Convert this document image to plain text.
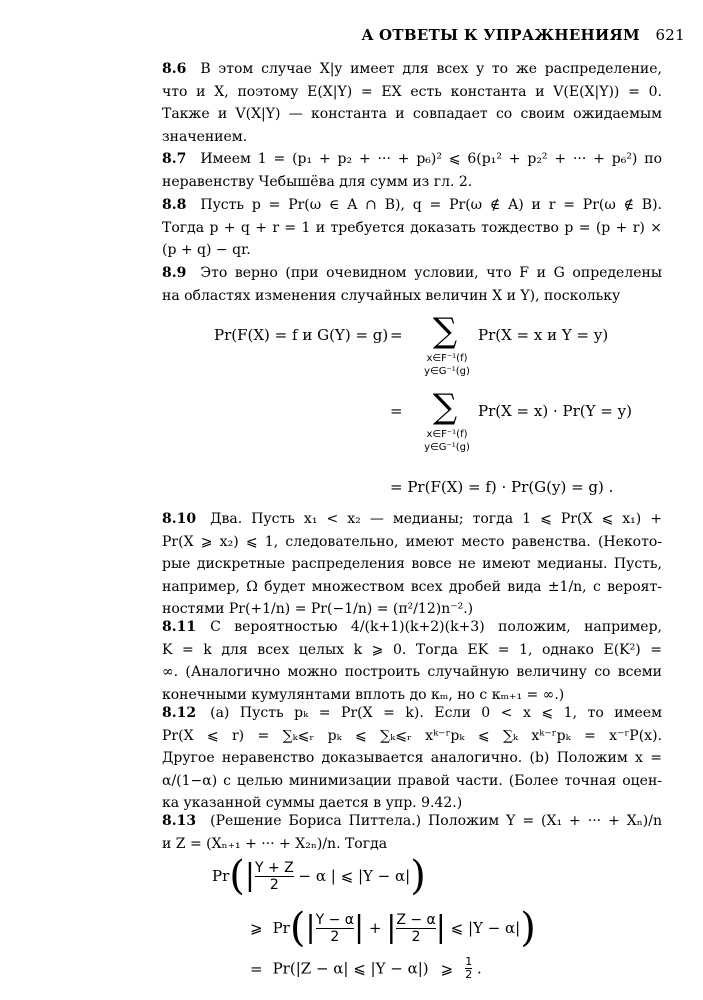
A ОТВЕТЫ К УПРАЖНЕНИЯМ 621
8.6 В этом случае X|y имеет для всех y то же распределение,
что и X, поэтому E(X|Y) = EX есть константа и V(E(X|Y)) = 0.
Также и V(X|Y) — константа и совпадает со своим ожидаемым
значением.
8.7 Имеем 1 = (p₁ + p₂ + ··· + p₆)² ⩽ 6(p₁² + p₂² + ··· + p₆²) по
неравенству Чебышёва для сумм из гл. 2.
8.8 Пусть p = Pr(ω ∈ A ∩ B), q = Pr(ω ∉ A) и r = Pr(ω ∉ B).
Тогда p + q + r = 1 и требуется доказать тождество p = (p + r) ×
(p + q) − qr.
8.9 Это верно (при очевидном условии, что F и G определены
на областях изменения случайных величин X и Y), поскольку
Pr(F(X) = f и G(Y) = g) = ∑
x∈F⁻¹(f)
y∈G⁻¹(g)
Pr(X = x и Y = y)
= ∑
x∈F⁻¹(f)
y∈G⁻¹(g)
Pr(X = x) · Pr(Y = y)
= Pr(F(X) = f) · Pr(G(y) = g) .
8.10 Два. Пусть x₁ < x₂ — медианы; тогда 1 ⩽ Pr(X ⩽ x₁) +
Pr(X ⩾ x₂) ⩽ 1, следовательно, имеют место равенства. (Некото-
рые дискретные распределения вовсе не имеют медианы. Пусть,
например, Ω будет множеством всех дробей вида ±1/n, с вероят-
ностями Pr(+1/n) = Pr(−1/n) = (π²/12)n⁻².)
8.11 С вероятностью 4/(k+1)(k+2)(k+3) положим, например,
K = k для всех целых k ⩾ 0. Тогда EK = 1, однако E(K²) =
∞. (Аналогично можно построить случайную величину со всеми
конечными кумулянтами вплоть до κₘ, но с κₘ₊₁ = ∞.)
8.12 (a) Пусть pₖ = Pr(X = k). Если 0 < x ⩽ 1, то имеем
Pr(X ⩽ r) = ∑ₖ⩽ᵣ pₖ ⩽ ∑ₖ⩽ᵣ xᵏ⁻ʳpₖ ⩽ ∑ₖ xᵏ⁻ʳpₖ = x⁻ʳP(x).
Другое неравенство доказывается аналогично. (b) Положим x =
α/(1−α) с целью минимизации правой части. (Более точная оцен-
ка указанной суммы дается в упр. 9.42.)
8.13 (Решение Бориса Питтела.) Положим Y = (X₁ + ··· + Xₙ)/n
и Z = (Xₙ₊₁ + ··· + X₂ₙ)/n. Тогда
$Pr(| \frac{Y + Z}{2} - \alpha$ | ⩽ |Y − α|)
⩾ $Pr(| \frac{Y - \alpha}{2}$ | + | $\frac{Z - \alpha}{2}$ | ⩽ |Y − α|)
= Pr(|Z − α| ⩽ |Y − α|) ⩾ $\frac{1}{2}$ .
